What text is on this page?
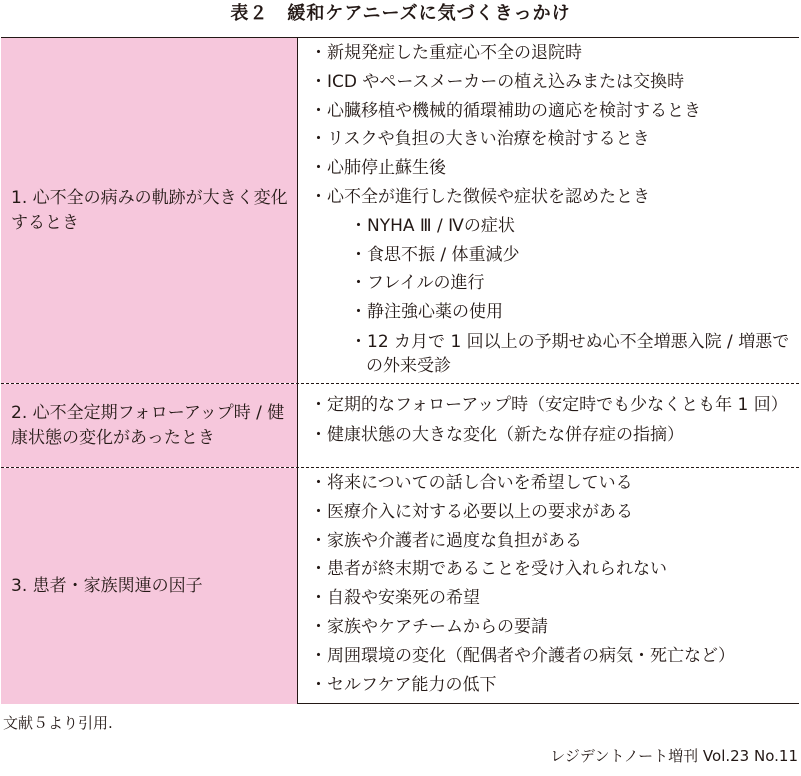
表２　緩和ケアニーズに気づくきっかけ
1. 心不全の病みの軌跡が大きく変化するとき
・新規発症した重症心不全の退院時
・ICD やペースメーカーの植え込みまたは交換時
・心臓移植や機械的循環補助の適応を検討するとき
・リスクや負担の大きい治療を検討するとき
・心肺停止蘇生後
・心不全が進行した徴候や症状を認めたとき
・NYHA Ⅲ / Ⅳの症状
・食思不振 / 体重減少
・フレイルの進行
・静注強心薬の使用
・12 カ月で 1 回以上の予期せぬ心不全増悪入院 / 増悪での外来受診
2. 心不全定期フォローアップ時 / 健康状態の変化があったとき
・定期的なフォローアップ時（安定時でも少なくとも年 1 回）
・健康状態の大きな変化（新たな併存症の指摘）
3. 患者・家族関連の因子
・将来についての話し合いを希望している
・医療介入に対する必要以上の要求がある
・家族や介護者に過度な負担がある
・患者が終末期であることを受け入れられない
・自殺や安楽死の希望
・家族やケアチームからの要請
・周囲環境の変化（配偶者や介護者の病気・死亡など）
・セルフケア能力の低下
文献５より引用.
レジデントノート増刊 Vol.23 No.11
